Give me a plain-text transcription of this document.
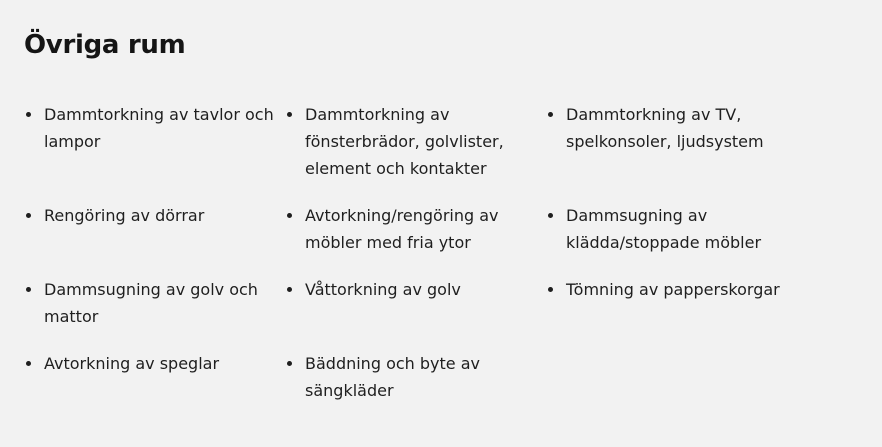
Övriga rum
Dammtorkning av tavlor och lampor
Dammtorkning av fönsterbrädor, golvlister, element och kontakter
Dammtorkning av TV, spelkonsoler, ljudsystem
Rengöring av dörrar	Avtorkning/rengöring av möbler med fria ytor
Dammsugning av klädda/stoppade möbler
Dammsugning av golv och mattor
Våttorkning av golv	Tömning av papperskorgar
Avtorkning av speglar	Bäddning och byte av sängkläder
